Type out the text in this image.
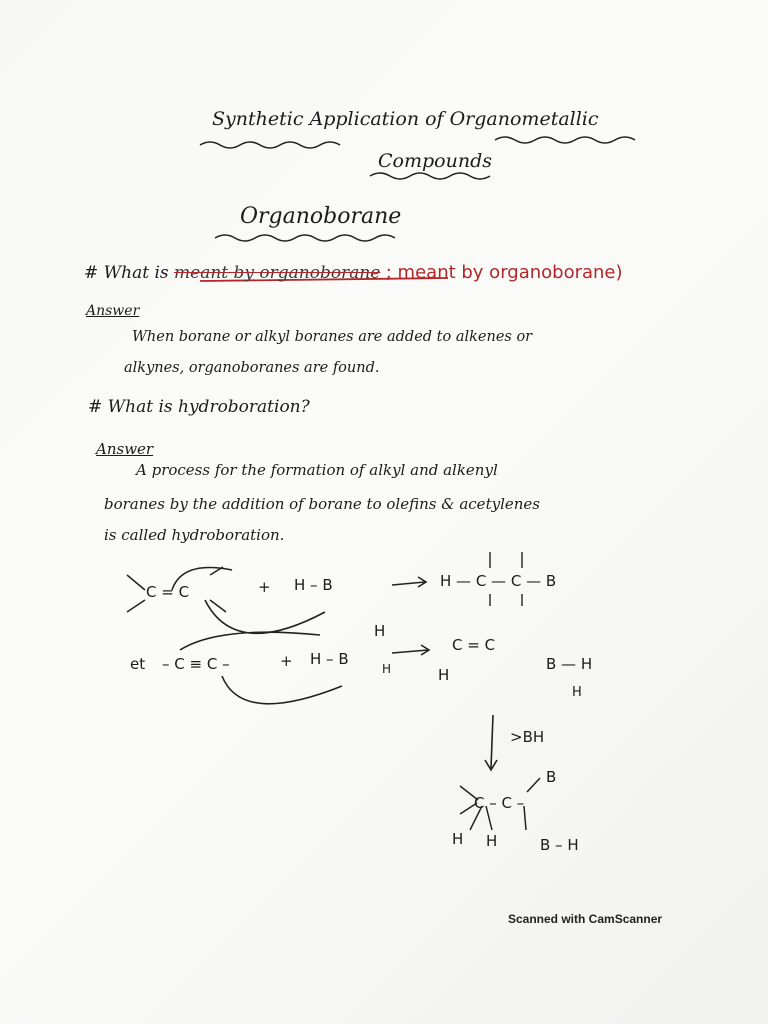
Synthetic Application of Organometallic
Compounds
Organoborane
# What is meant by organoborane ; meant by organoborane)
Answer
When borane or alkyl boranes are added to alkenes or
alkynes, organoboranes are found.
# What is hydroboration?
Answer
A process for the formation of alkyl and alkenyl
boranes by the addition of borane to olefins & acetylenes
is called hydroboration.
C = C	+ H – B	H — C — C — B
et – C ≡ C –	+ H – B
H
H
C = C
H
B — H
H
>BH
C – C –
B
H H	B – H
Scanned with CamScanner
